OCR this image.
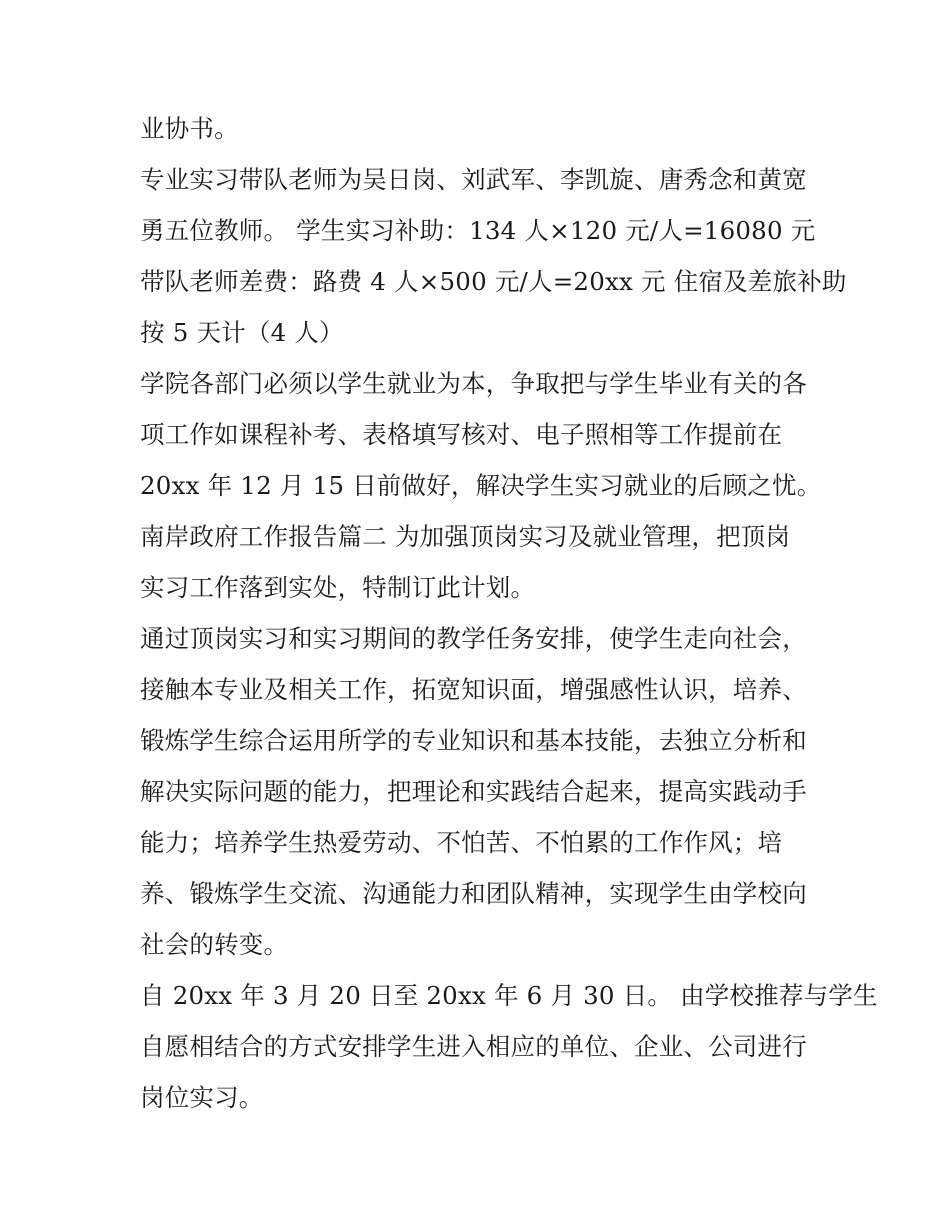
业协书。

专业实习带队老师为吴日岗、刘武军、李凯旋、唐秀念和黄宽

勇五位教师。 学生实习补助：134 人×120 元/人=16080 元

带队老师差费：路费 4 人×500 元/人=20xx 元 住宿及差旅补助

按 5 天计（4 人）

学院各部门必须以学生就业为本，争取把与学生毕业有关的各

项工作如课程补考、表格填写核对、电子照相等工作提前在

20xx 年 12 月 15 日前做好，解决学生实习就业的后顾之忧。

南岸政府工作报告篇二 为加强顶岗实习及就业管理，把顶岗

实习工作落到实处，特制订此计划。

通过顶岗实习和实习期间的教学任务安排，使学生走向社会，

接触本专业及相关工作，拓宽知识面，增强感性认识，培养、

锻炼学生综合运用所学的专业知识和基本技能，去独立分析和

解决实际问题的能力，把理论和实践结合起来，提高实践动手

能力；培养学生热爱劳动、不怕苦、不怕累的工作作风；培

养、锻炼学生交流、沟通能力和团队精神，实现学生由学校向

社会的转变。

自 20xx 年 3 月 20 日至 20xx 年 6 月 30 日。 由学校推荐与学生

自愿相结合的方式安排学生进入相应的单位、企业、公司进行

岗位实习。
